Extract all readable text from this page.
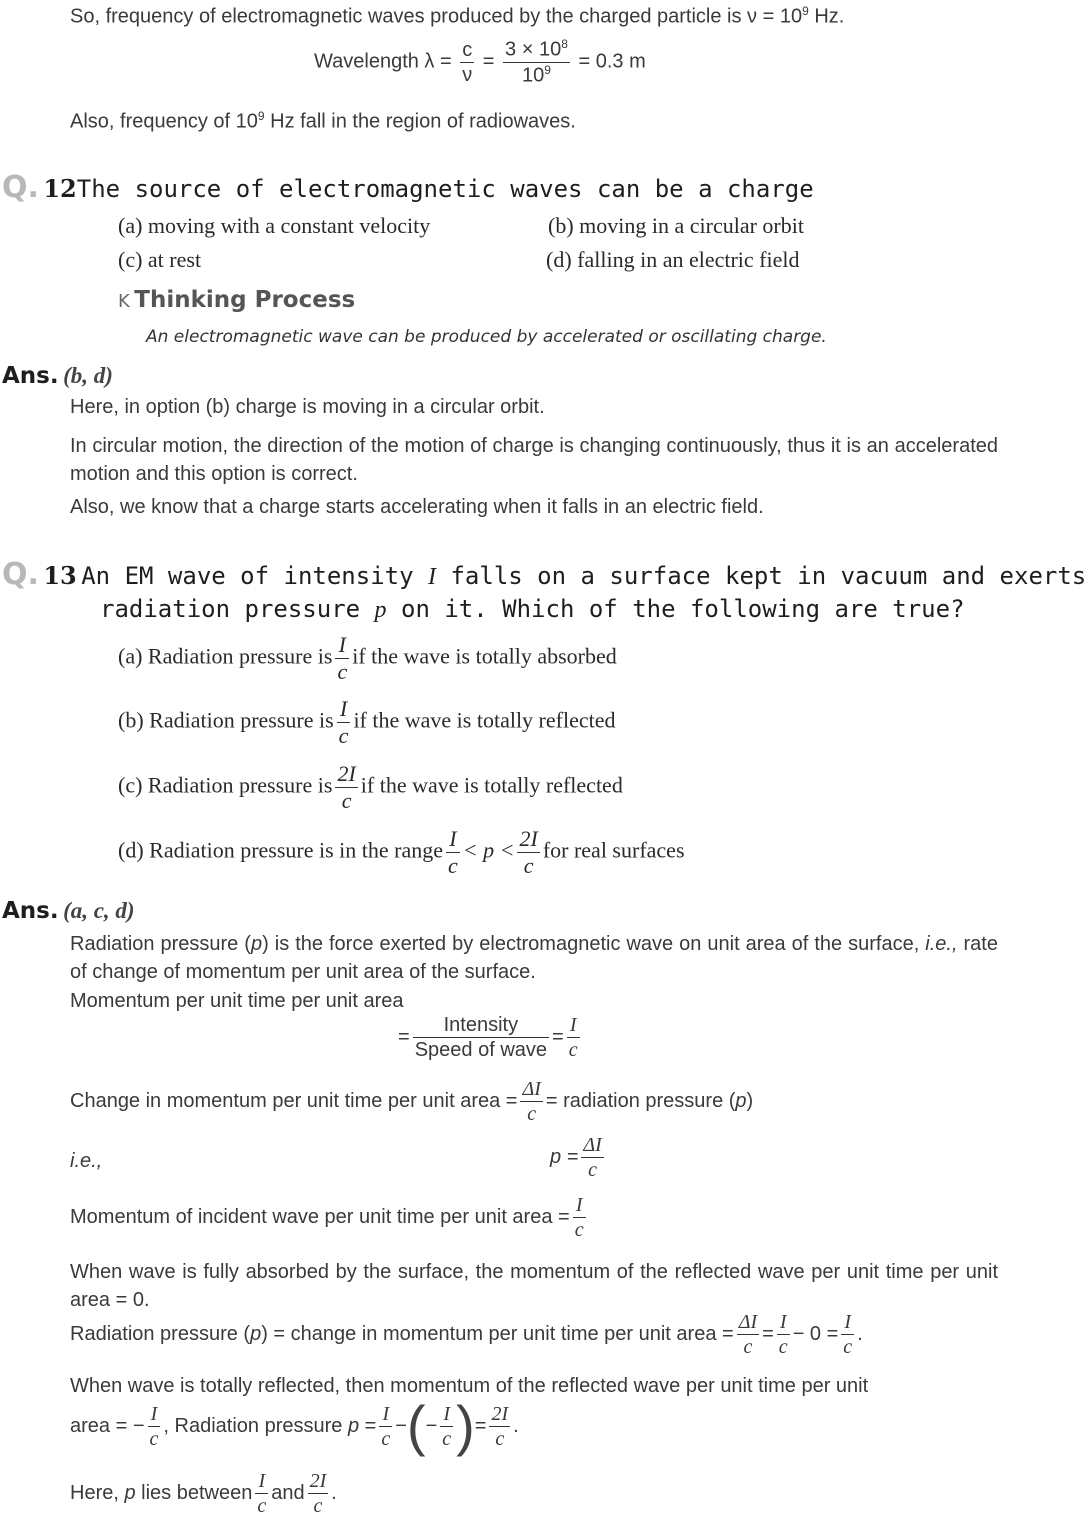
So, frequency of electromagnetic waves produced by the charged particle is $\nu = 10^9$ Hz.
Wavelength $\lambda = \frac{c}{\nu} = \frac{3 \times 10^8}{10^9} = 0.3$ m
Also, frequency of $10^9$ Hz fall in the region of radiowaves.
Q. 12The source of electromagnetic waves can be a charge
(a) moving with a constant velocity	(b) moving in a circular orbit
(c) at rest	(d) falling in an electric field
K Thinking Process
An electromagnetic wave can be produced by accelerated or oscillating charge.
Ans. (b, d)
Here, in option (b) charge is moving in a circular orbit.
In circular motion, the direction of the motion of charge is changing continuously, thus it is an accelerated motion and this option is correct.
Also, we know that a charge starts accelerating when it falls in an electric field.
Q. 13 An EM wave of intensity I falls on a surface kept in vacuum and exerts
radiation pressure p on it. Which of the following are true?
(a) Radiation pressure is $\frac{I}{c}$ if the wave is totally absorbed
(b) Radiation pressure is $\frac{I}{c}$ if the wave is totally reflected
(c) Radiation pressure is $\frac{2I}{c}$ if the wave is totally reflected
(d) Radiation pressure is in the range $\frac{I}{c} < p < \frac{2I}{c}$ for real surfaces
Ans. (a, c, d)
Radiation pressure (p) is the force exerted by electromagnetic wave on unit area of the surface, i.e., rate of change of momentum per unit area of the surface.
Momentum per unit time per unit area
= $\frac{\text{Intensity}}{\text{Speed of wave}} = \frac{I}{c}$
Change in momentum per unit time per unit area = $\frac{\Delta I}{c}$ = radiation pressure (p)
i.e.,	$p = \frac{\Delta I}{c}$
Momentum of incident wave per unit time per unit area = $\frac{I}{c}$
When wave is fully absorbed by the surface, the momentum of the reflected wave per unit time per unit area = 0.
Radiation pressure (p) = change in momentum per unit time per unit area = $\frac{\Delta I}{c} = \frac{I}{c} - 0 = \frac{I}{c}$ .
When wave is totally reflected, then momentum of the reflected wave per unit time per unit
area = − $\frac{I}{c}$ , Radiation pressure $p = \frac{I}{c}$ −(− $\frac{I}{c}$ )= $\frac{2I}{c}$ .
Here, p lies between $\frac{I}{c}$ and $\frac{2I}{c}$ .
